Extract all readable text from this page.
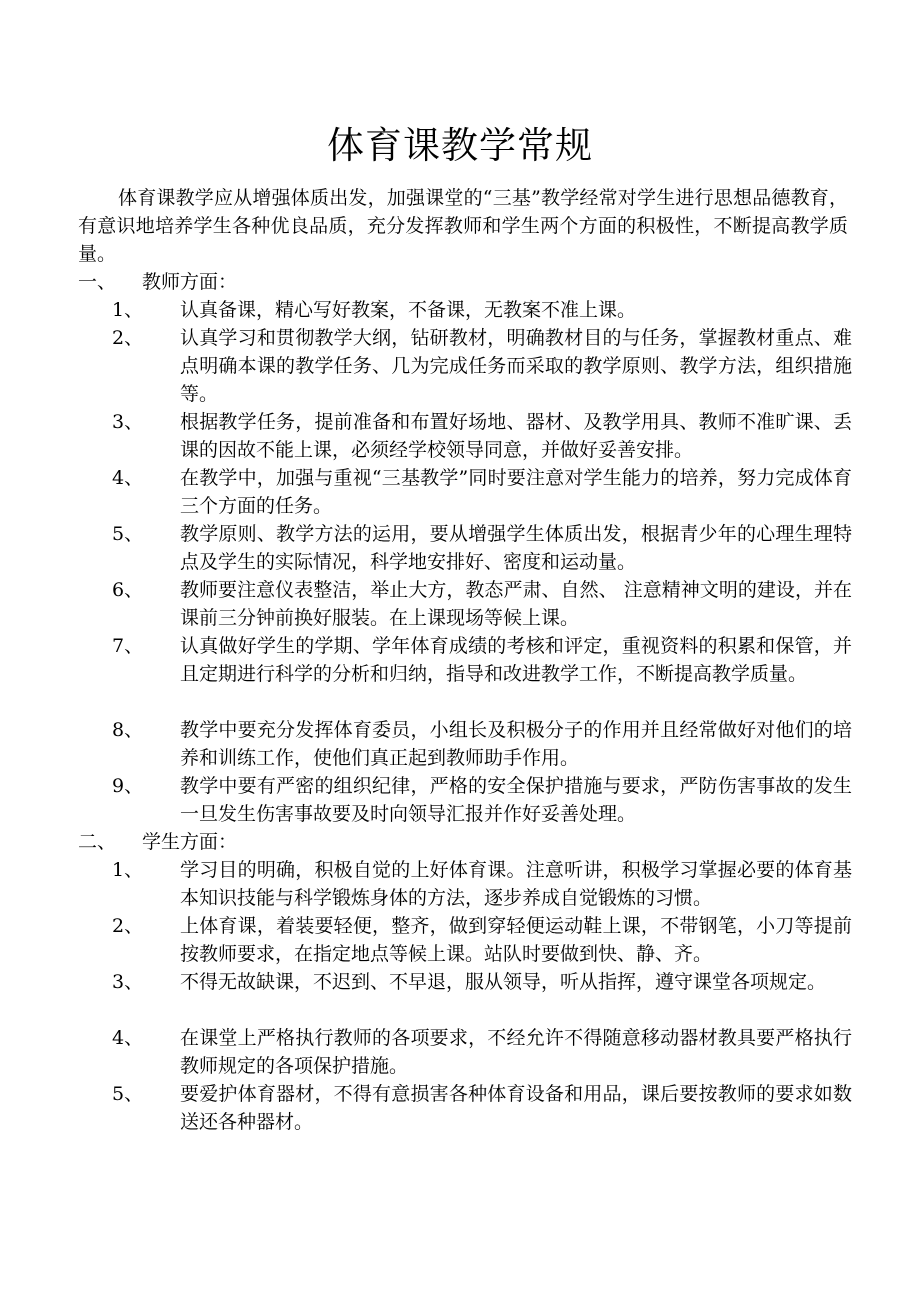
体育课教学常规

体育课教学应从增强体质出发，加强课堂的“三基”教学经常对学生进行思想品德教育，有意识地培养学生各种优良品质，充分发挥教师和学生两个方面的积极性，不断提高教学质量。

一、 教师方面：
1、 认真备课，精心写好教案，不备课，无教案不准上课。
2、 认真学习和贯彻教学大纲，钻研教材，明确教材目的与任务，掌握教材重点、难点明确本课的教学任务、几为完成任务而采取的教学原则、教学方法，组织措施等。
3、 根据教学任务，提前准备和布置好场地、器材、及教学用具、教师不准旷课、丢课的因故不能上课，必须经学校领导同意，并做好妥善安排。
4、 在教学中，加强与重视“三基教学”同时要注意对学生能力的培养，努力完成体育三个方面的任务。
5、 教学原则、教学方法的运用，要从增强学生体质出发，根据青少年的心理生理特点及学生的实际情况，科学地安排好、密度和运动量。
6、 教师要注意仪表整洁，举止大方，教态严肃、自然、 注意精神文明的建设，并在课前三分钟前换好服装。在上课现场等候上课。
7、 认真做好学生的学期、学年体育成绩的考核和评定，重视资料的积累和保管，并且定期进行科学的分析和归纳，指导和改进教学工作，不断提高教学质量。
8、 教学中要充分发挥体育委员，小组长及积极分子的作用并且经常做好对他们的培养和训练工作，使他们真正起到教师助手作用。
9、 教学中要有严密的组织纪律，严格的安全保护措施与要求，严防伤害事故的发生一旦发生伤害事故要及时向领导汇报并作好妥善处理。
二、 学生方面：
1、 学习目的明确，积极自觉的上好体育课。注意听讲，积极学习掌握必要的体育基本知识技能与科学锻炼身体的方法，逐步养成自觉锻炼的习惯。
2、 上体育课，着装要轻便，整齐，做到穿轻便运动鞋上课，不带钢笔，小刀等提前按教师要求，在指定地点等候上课。站队时要做到快、静、齐。
3、 不得无故缺课，不迟到、不早退，服从领导，听从指挥，遵守课堂各项规定。
4、 在课堂上严格执行教师的各项要求，不经允许不得随意移动器材教具要严格执行教师规定的各项保护措施。
5、 要爱护体育器材，不得有意损害各种体育设备和用品，课后要按教师的要求如数送还各种器材。
